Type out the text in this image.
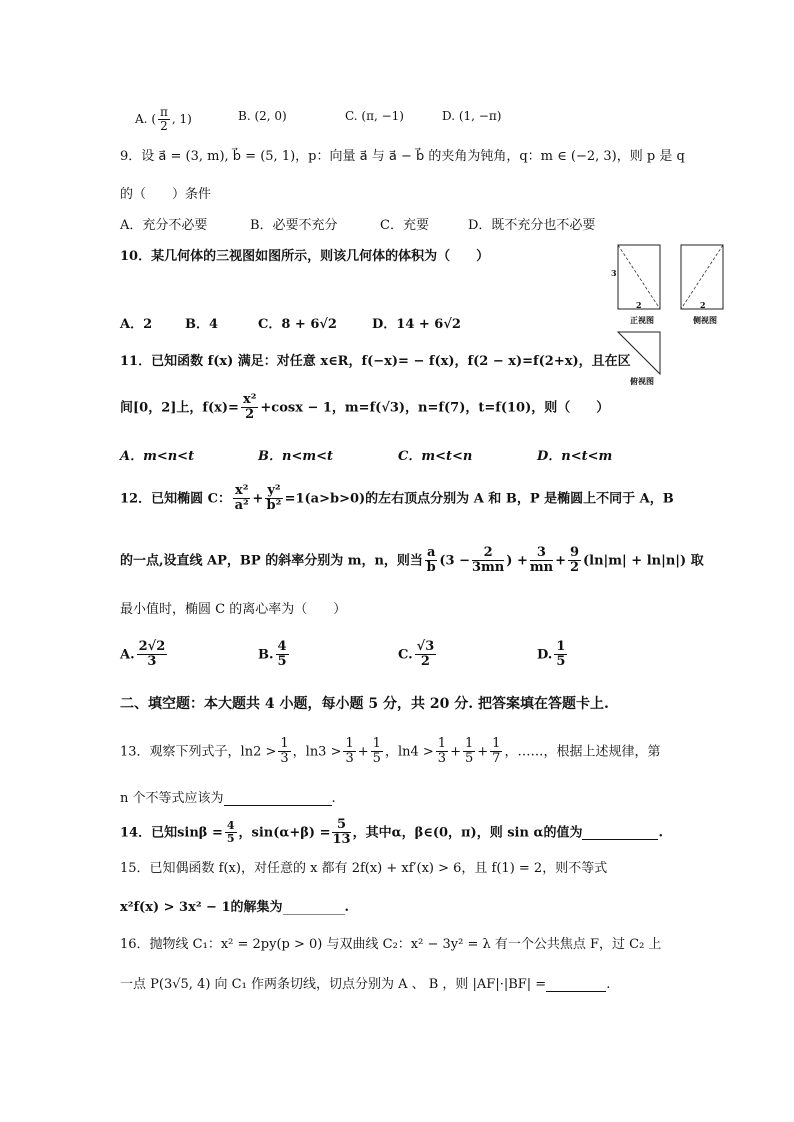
A. ( $\frac{\pi}{2}$ , 1)	B. (2, 0)	C. (π, −1)	D. (1, −π)
9．设 a⃗ = (3, m), b⃗ = (5, 1)，p：向量 a⃗ 与 a⃗ − b⃗ 的夹角为钝角，q：m ∈ (−2, 3)，则 p 是 q
的（　　）条件
A．充分不必要	B．必要不充分	C．充要	D．既不充分也不必要
10．某几何体的三视图如图所示，则该几何体的体积为（　　）
A．2	B．4	C．8 + 6√2	D．14 + 6√2
3
2	2
正视图	侧视图
俯视图
11．已知函数 f(x) 满足：对任意 x∈R，f(−x)= − f(x)，f(2 − x)=f(2+x)，且在区
间[0，2]上，$f(x)= \frac{\text{x²}}{2} +\cos x - 1$，m=f(√3)，n=f(7)，t=f(10)，则（　　）
A．m<n<t	B．n<m<t	C．m<t<n	D．n<t<m
12．已知椭圆 C： $\frac{\text{x²}}{\text{a²}} + \frac{\text{y²}}{\text{b²}} =1(a>b>0)$的左右顶点分别为 A 和 B，P 是椭圆上不同于 A，B
的一点,设直线 AP，BP 的斜率分别为 m，n，则当 $\frac{a}{b} (3 - \frac{2}{3mn}$ ) + $\frac{3}{mn} + \frac{9}{2} (\ln|m| + \ln|n|)$ 取
最小值时，椭圆 C 的离心率为（　　）
A. $\frac{2√2}{3}$	B. $\frac{4}{5}$	C. $\frac{√3}{2}$	D. $\frac{1}{5}$
二、填空题：本大题共 4 小题，每小题 5 分，共 20 分. 把答案填在答题卡上.
13．观察下列式子，$\ln 2 > \frac{1}{3}$ ，$\ln 3 > \frac{1}{3} + \frac{1}{5}$ ，$\ln 4 > \frac{1}{3} + \frac{1}{5} + \frac{1}{7}$ ，……，根据上述规律，第
n 个不等式应该为	.
14．已知$\sin\beta = \frac{4}{5}$ ，$\sin(\alpha+\beta) = \frac{5}{13}$ ，其中α，β∈(0，π)，则 sin α的值为	.
15．已知偶函数 f(x)，对任意的 x 都有 2f(x) + xf′(x) > 6，且 f(1) = 2，则不等式
x²f(x) > 3x² − 1的解集为	.
16．抛物线 C₁：x² = 2py(p > 0) 与双曲线 C₂：x² − 3y² = λ 有一个公共焦点 F，过 C₂ 上
一点 P(3√5, 4) 向 C₁ 作两条切线，切点分别为 A 、 B ，则 |AF|·|BF| =	.
